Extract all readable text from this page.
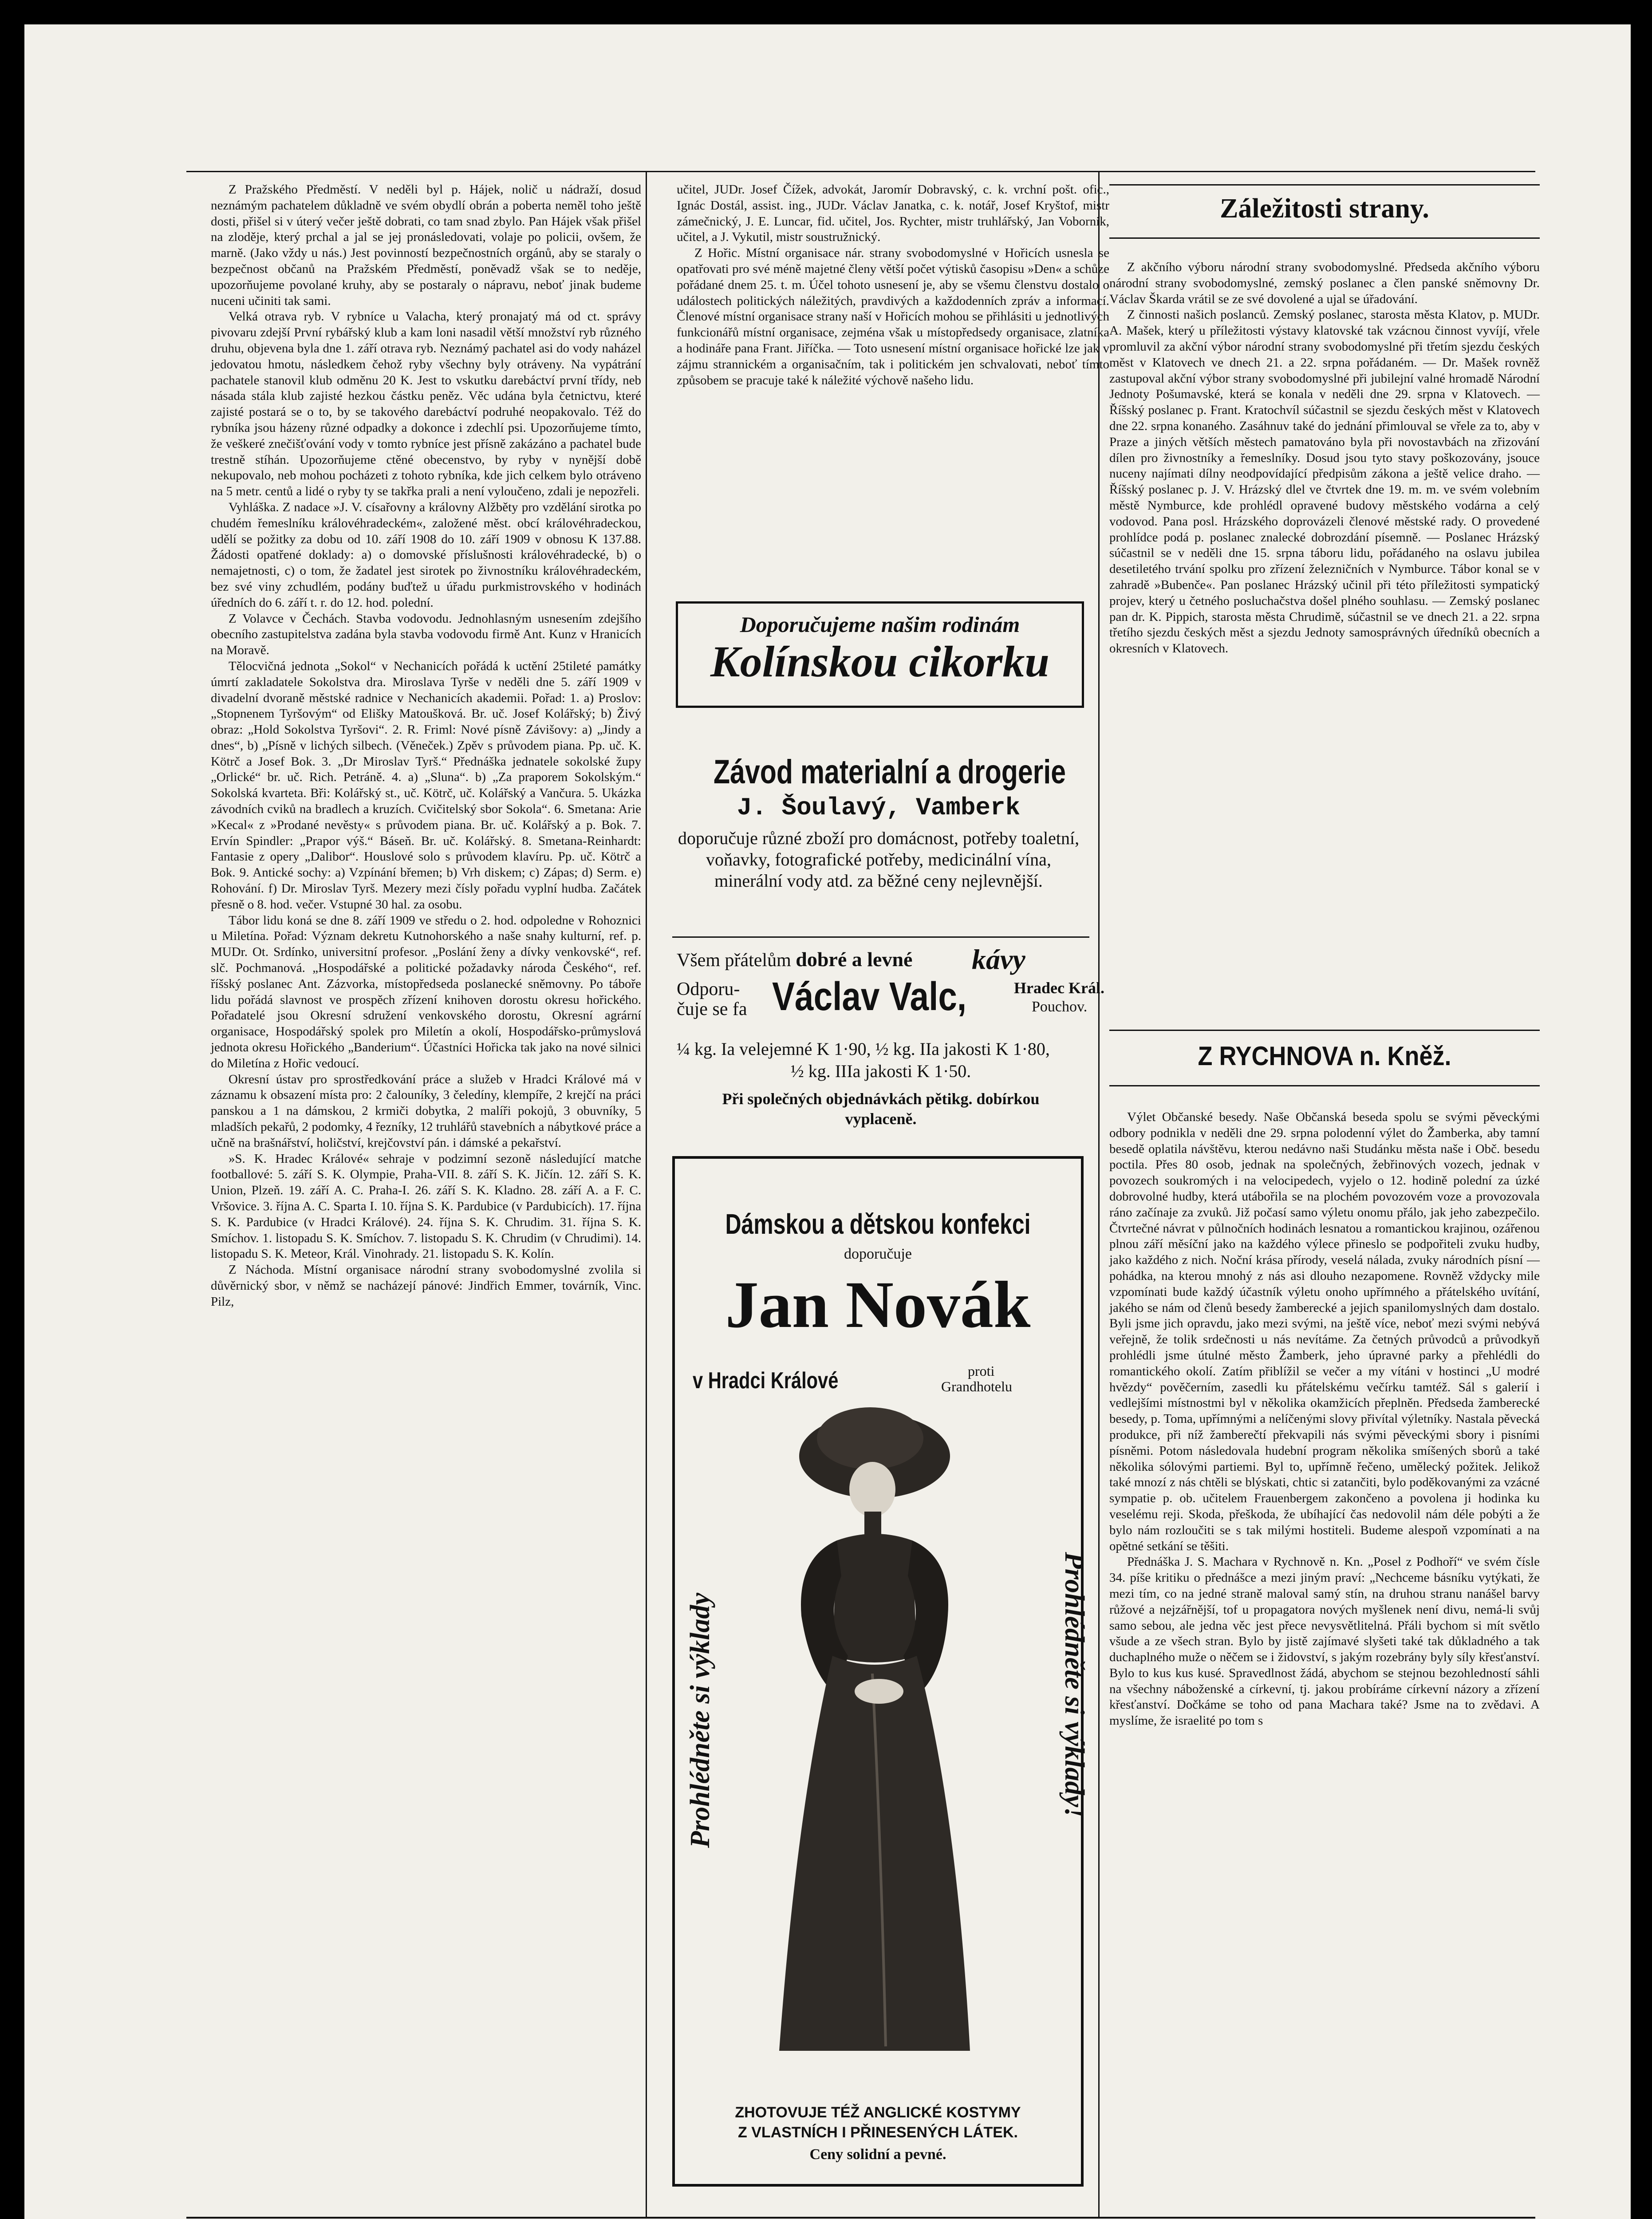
Z Pražského Předměstí. V neděli byl p. Hájek, nolič u nádraží, dosud neznámým pachatelem důkladně ve svém obydlí obrán a poberta neměl toho ještě dosti, přišel si v úterý večer ještě dobrati, co tam snad zbylo. Pan Hájek však přišel na zloděje, který prchal a jal se jej pronásledovati, volaje po policii, ovšem, že marně. (Jako vždy u nás.) Jest povinností bezpečnostních orgánů, aby se staraly o bezpečnost občanů na Pražském Předměstí, poněvadž však se to neděje, upozorňujeme povolané kruhy, aby se postaraly o nápravu, neboť jinak budeme nuceni učiniti tak sami.

Velká otrava ryb. V rybníce u Valacha, který pronajatý má od ct. správy pivovaru zdejší První rybářský klub a kam loni nasadil větší množství ryb různého druhu, objevena byla dne 1. září otrava ryb. Neznámý pachatel asi do vody naházel jedovatou hmotu, následkem čehož ryby všechny byly otráveny. Na vypátrání pachatele stanovil klub odměnu 20 K. Jest to vskutku darebáctví první třídy, neb násada stála klub zajisté hezkou částku peněz. Věc udána byla četnictvu, které zajisté postará se o to, by se takového darebáctví podruhé neopakovalo. Též do rybníka jsou házeny různé odpadky a dokonce i zdechlí psi. Upozorňujeme tímto, že veškeré znečišťování vody v tomto rybníce jest přísně zakázáno a pachatel bude trestně stíhán. Upozorňujeme ctěné obecenstvo, by ryby v nynější době nekupovalo, neb mohou pocházeti z tohoto rybníka, kde jich celkem bylo otráveno na 5 metr. centů a lidé o ryby ty se takřka prali a není vyloučeno, zdali je nepozřeli.

Vyhláška. Z nadace »J. V. císařovny a královny Alžběty pro vzdělání sirotka po chudém řemeslníku královéhradeckém«, založené měst. obcí královéhradeckou, udělí se požitky za dobu od 10. září 1908 do 10. září 1909 v obnosu K 137.88. Žádosti opatřené doklady: a) o domovské příslušnosti královéhradecké, b) o nemajetnosti, c) o tom, že žadatel jest sirotek po živnostníku královéhradeckém, bez své viny zchudlém, podány buďtež u úřadu purkmistrovského v hodinách úředních do 6. září t. r. do 12. hod. polední.

Z Volavce v Čechách. Stavba vodovodu. Jednohlasným usnesením zdejšího obecního zastupitelstva zadána byla stavba vodovodu firmě Ant. Kunz v Hranicích na Moravě.

Tělocvičná jednota „Sokol“ v Nechanicích pořádá k uctění 25tileté památky úmrtí zakladatele Sokolstva dra. Miroslava Tyrše v neděli dne 5. září 1909 v divadelní dvoraně městské radnice v Nechanicích akademii. Pořad: 1. a) Proslov: „Stopnenem Tyršovým“ od Elišky Matoušková. Br. uč. Josef Kolářský; b) Živý obraz: „Hold Sokolstva Tyršovi“. 2. R. Friml: Nové písně Závišovy: a) „Jindy a dnes“, b) „Písně v lichých silbech. (Věneček.) Zpěv s průvodem piana. Pp. uč. K. Kötrč a Josef Bok. 3. „Dr Miroslav Tyrš.“ Přednáška jednatele sokolské župy „Orlické“ br. uč. Rich. Petráně. 4. a) „Sluna“. b) „Za praporem Sokolským.“ Sokolská kvarteta. Bři: Kolářský st., uč. Kötrč, uč. Kolářský a Vančura. 5. Ukázka závodních cviků na bradlech a kruzích. Cvičitelský sbor Sokola“. 6. Smetana: Arie »Kecal« z »Prodané nevěsty« s průvodem piana. Br. uč. Kolářský a p. Bok. 7. Ervín Spindler: „Prapor výš.“ Báseň. Br. uč. Kolářský. 8. Smetana-Reinhardt: Fantasie z opery „Dalibor“. Houslové solo s průvodem klavíru. Pp. uč. Kötrč a Bok. 9. Antické sochy: a) Vzpínání břemen; b) Vrh diskem; c) Zápas; d) Serm. e) Rohování. f) Dr. Miroslav Tyrš. Mezery mezi čísly pořadu vyplní hudba. Začátek přesně o 8. hod. večer. Vstupné 30 hal. za osobu.

Tábor lidu koná se dne 8. září 1909 ve středu o 2. hod. odpoledne v Rohoznici u Miletína. Pořad: Význam dekretu Kutnohorského a naše snahy kulturní, ref. p. MUDr. Ot. Srdínko, universitní profesor. „Poslání ženy a dívky venkovské“, ref. slč. Pochmanová. „Hospodářské a politické požadavky národa Českého“, ref. říšský poslanec Ant. Zázvorka, místopředseda poslanecké sněmovny. Po táboře lidu pořádá slavnost ve prospěch zřízení knihoven dorostu okresu hořického. Pořadatelé jsou Okresní sdružení venkovského dorostu, Okresní agrární organisace, Hospodářský spolek pro Miletín a okolí, Hospodářsko-průmyslová jednota okresu Hořického „Banderium“. Účastníci Hořicka tak jako na nové silnici do Miletína z Hořic vedoucí.

Okresní ústav pro sprostředkování práce a služeb v Hradci Králové má v záznamu k obsazení místa pro: 2 čalouníky, 3 čeledíny, klempíře, 2 krejčí na práci panskou a 1 na dámskou, 2 krmiči dobytka, 2 malíři pokojů, 3 obuvníky, 5 mladších pekařů, 2 podomky, 4 řezníky, 12 truhlářů stavebních a nábytkové práce a učně na brašnářství, holičství, krejčovství pán. i dámské a pekařství.

»S. K. Hradec Králové« sehraje v podzimní sezoně následující matche footballové: 5. září S. K. Olympie, Praha-VII. 8. září S. K. Jičín. 12. září S. K. Union, Plzeň. 19. září A. C. Praha-I. 26. září S. K. Kladno. 28. září A. a F. C. Vršovice. 3. října A. C. Sparta I. 10. října S. K. Pardubice (v Pardubicích). 17. října S. K. Pardubice (v Hradci Králové). 24. října S. K. Chrudim. 31. října S. K. Smíchov. 1. listopadu S. K. Smíchov. 7. listopadu S. K. Chrudim (v Chrudimi). 14. listopadu S. K. Meteor, Král. Vinohrady. 21. listopadu S. K. Kolín.

Z Náchoda. Místní organisace národní strany svobodomyslné zvolila si důvěrnický sbor, v němž se nacházejí pánové: Jindřich Emmer, továrník, Vinc. Pilz,

učitel, JUDr. Josef Čížek, advokát, Jaromír Dobravský, c. k. vrchní pošt. ofic., Ignác Dostál, assist. ing., JUDr. Václav Janatka, c. k. notář, Josef Kryštof, mistr zámečnický, J. E. Luncar, fid. učitel, Jos. Rychter, mistr truhlářský, Jan Vobornik, učitel, a J. Vykutil, mistr soustružnický.

Z Hořic. Místní organisace nár. strany svobodomyslné v Hořicích usnesla se opatřovati pro své méně majetné členy větší počet výtisků časopisu »Den« a schůze pořádané dnem 25. t. m. Účel tohoto usnesení je, aby se všemu členstvu dostalo o událostech politických náležitých, pravdivých a každodenních zpráv a informací. Členové místní organisace strany naší v Hořicích mohou se přihlásiti u jednotlivých funkcionářů místní organisace, zejména však u místopředsedy organisace, zlatníka a hodináře pana Frant. Jiříčka. — Toto usnesení místní organisace hořické lze jak v zájmu strannickém a organisačním, tak i politickém jen schvalovati, neboť tímto způsobem se pracuje také k náležité výchově našeho lidu.

Doporučujeme našim rodinám
Kolínskou cikorku
Závod materialní a drogerie
J. Šoulavý, Vamberk
doporučuje různé zboží pro domácnost, potřeby toaletní, voňavky, fotografické potřeby, medicinální vína, minerální vody atd. za běžné ceny nejlevnější.
Všem přátelům dobré a levné kávy
Odporu-
čuje se fa Václav Valc,	Hradec Král.
Pouchov.
¼ kg. Ia velejemné K 1·90, ½ kg. IIa jakosti K 1·80,
½ kg. IIIa jakosti K 1·50.
Při společných objednávkách pětikg. dobírkou
vyplaceně.
Dámskou a dětskou konfekci
doporučuje
Jan Novák
v Hradci Králové	proti
Grandhotelu
Prohlédněte si výklady	Prohlédněte si výklady!
ZHOTOVUJE TÉŽ ANGLICKÉ KOSTYMY
Z VLASTNÍCH I PŘINESENÝCH LÁTEK.
Ceny solidní a pevné.
Záležitosti strany.

Z akčního výboru národní strany svobodomyslné. Předseda akčního výboru národní strany svobodomyslné, zemský poslanec a člen panské sněmovny Dr. Václav Škarda vrátil se ze své dovolené a ujal se úřadování.

Z činnosti našich poslanců. Zemský poslanec, starosta města Klatov, p. MUDr. A. Mašek, který u příležitosti výstavy klatovské tak vzácnou činnost vyvíjí, vřele promluvil za akční výbor národní strany svobodomyslné při třetím sjezdu českých měst v Klatovech ve dnech 21. a 22. srpna pořádaném. — Dr. Mašek rovněž zastupoval akční výbor strany svobodomyslné při jubilejní valné hromadě Národní Jednoty Pošumavské, která se konala v neděli dne 29. srpna v Klatovech. — Říšský poslanec p. Frant. Kratochvíl súčastnil se sjezdu českých měst v Klatovech dne 22. srpna konaného. Zasáhnuv také do jednání přimlouval se vřele za to, aby v Praze a jiných větších městech pamatováno byla při novostavbách na zřizování dílen pro živnostníky a řemeslníky. Dosud jsou tyto stavy poškozovány, jsouce nuceny najímati dílny neodpovídající předpisům zákona a ještě velice draho. — Říšský poslanec p. J. V. Hrázský dlel ve čtvrtek dne 19. m. m. ve svém volebním městě Nymburce, kde prohlédl opravené budovy městského vodárna a celý vodovod. Pana posl. Hrázského doprovázeli členové městské rady. O provedené prohlídce podá p. poslanec znalecké dobrozdání písemně. — Poslanec Hrázský súčastnil se v neděli dne 15. srpna táboru lidu, pořádaného na oslavu jubilea desetiletého trvání spolku pro zřízení železničních v Nymburce. Tábor konal se v zahradě »Bubenče«. Pan poslanec Hrázský učinil při této příležitosti sympatický projev, který u četného posluchačstva došel plného souhlasu. — Zemský poslanec pan dr. K. Pippich, starosta města Chrudimě, súčastnil se ve dnech 21. a 22. srpna třetího sjezdu českých měst a sjezdu Jednoty samosprávných úředníků obecních a okresních v Klatovech.

Z RYCHNOVA n. Kněž.

Výlet Občanské besedy. Naše Občanská beseda spolu se svými pěveckými odbory podnikla v neděli dne 29. srpna polodenní výlet do Žamberka, aby tamní besedě oplatila návštěvu, kterou nedávno naši Studánku města naše i Obč. besedu poctila. Přes 80 osob, jednak na společných, žebřinových vozech, jednak v povozech soukromých i na velocipedech, vyjelo o 12. hodině polední za úzké dobrovolné hudby, která utábořila se na plochém povozovém voze a provozovala ráno začínaje za zvuků. Již počasí samo výletu onomu přálo, jak jeho zabezpečilo. Čtvrtečné návrat v půlnočních hodinách lesnatou a romantickou krajinou, ozářenou plnou září měsíční jako na každého výlece přineslo se podpořiteli zvuku hudby, jako každého z nich. Noční krása přírody, veselá nálada, zvuky národních písní — pohádka, na kterou mnohý z nás asi dlouho nezapomene. Rovněž vždycky mile vzpomínati bude každý účastník výletu onoho upřímného a přátelského uvítání, jakého se nám od členů besedy žamberecké a jejich spanilomyslných dam dostalo. Byli jsme jich opravdu, jako mezi svými, na ještě více, neboť mezi svými nebývá veřejně, že tolik srdečnosti u nás nevítáme. Za četných průvodců a průvodkyň prohlédli jsme útulné město Žamberk, jeho úpravné parky a přehlédli do romantického okolí. Zatím přiblížil se večer a my vítáni v hostinci „U modré hvězdy“ pověčerním, zasedli ku přátelskému večírku tamtéž. Sál s galerií i vedlejšími místnostmi byl v několika okamžicích přeplněn. Předseda žamberecké besedy, p. Toma, upřímnými a nelíčenými slovy přivítal výletníky. Nastala pěvecká produkce, při níž žamberečtí překvapili nás svými pěveckými sbory i pisními písněmi. Potom následovala hudební program několika smíšených sborů a také několika sólovými partiemi. Byl to, upřímně řečeno, umělecký požitek. Jelikož také mnozí z nás chtěli se blýskati, chtic si zatančiti, bylo poděkovanými za vzácné sympatie p. ob. učitelem Frauenbergem zakončeno a povolena ji hodinka ku veselému reji. Skoda, přeškoda, že ubíhající čas nedovolil nám déle pobýti a že bylo nám rozloučiti se s tak milými hostiteli. Budeme alespoň vzpomínati a na opětné setkání se těšiti.

Přednáška J. S. Machara v Rychnově n. Kn. „Posel z Podhoří“ ve svém čísle 34. píše kritiku o přednášce a mezi jiným praví: „Nechceme básníku vytýkati, že mezi tím, co na jedné straně maloval samý stín, na druhou stranu nanášel barvy růžové a nejzářnější, tof u propagatora nových myšlenek není divu, nemá-li svůj samo sebou, ale jedna věc jest přece nevysvětlitelná. Přáli bychom si mít světlo všude a ze všech stran. Bylo by jistě zajímavé slyšeti také tak důkladného a tak duchaplného muže o něčem se i židovství, s jakým rozebrány byly síly křesťanství. Bylo to kus kus kusé. Spravedlnost žádá, abychom se stejnou bezohledností sáhli na všechny náboženské a církevní, tj. jakou probíráme církevní názory a zřízení křesťanství. Dočkáme se toho od pana Machara také? Jsme na to zvědavi. A myslíme, že israelité po tom s
